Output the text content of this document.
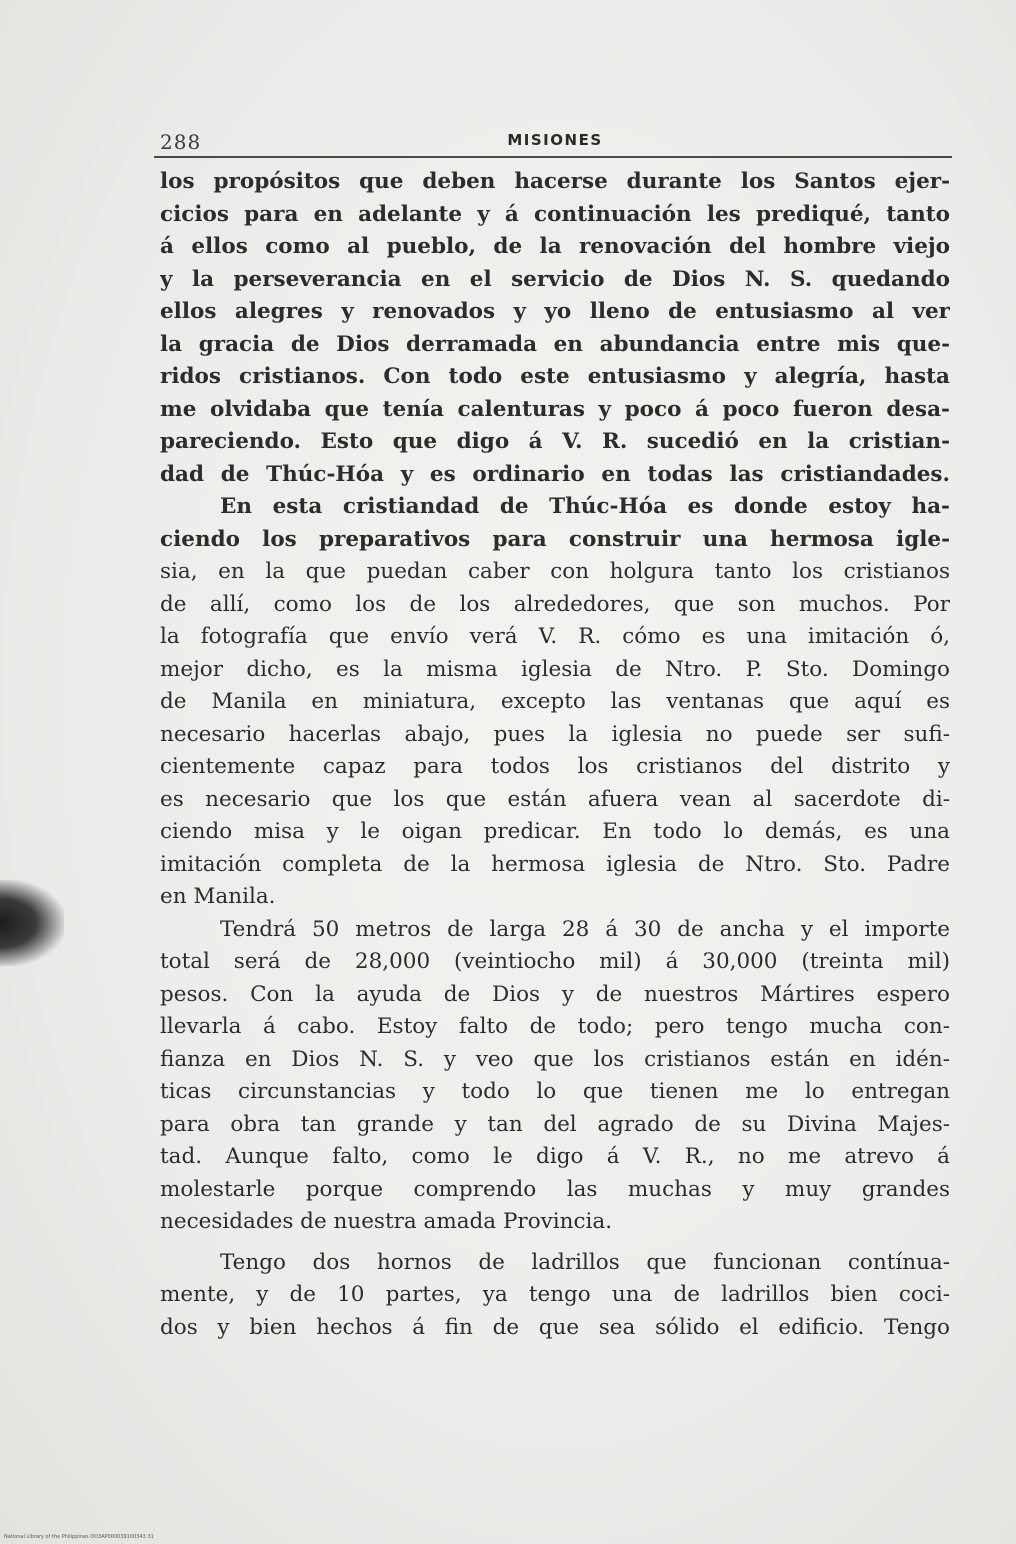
288	MISIONES
los propósitos que deben hacerse durante los Santos ejer-
cicios para en adelante y á continuación les prediqué, tanto
á ellos como al pueblo, de la renovación del hombre viejo
y la perseverancia en el servicio de Dios N. S. quedando
ellos alegres y renovados y yo lleno de entusiasmo al ver
la gracia de Dios derramada en abundancia entre mis que-
ridos cristianos. Con todo este entusiasmo y alegría, hasta
me olvidaba que tenía calenturas y poco á poco fueron desa-
pareciendo. Esto que digo á V. R. sucedió en la cristian-
dad de Thúc-Hóa y es ordinario en todas las cristiandades.
En esta cristiandad de Thúc-Hóa es donde estoy ha-
ciendo los preparativos para construir una hermosa igle-
sia, en la que puedan caber con holgura tanto los cristianos
de allí, como los de los alrededores, que son muchos. Por
la fotografía que envío verá V. R. cómo es una imitación ó,
mejor dicho, es la misma iglesia de Ntro. P. Sto. Domingo
de Manila en miniatura, excepto las ventanas que aquí es
necesario hacerlas abajo, pues la iglesia no puede ser sufi-
cientemente capaz para todos los cristianos del distrito y
es necesario que los que están afuera vean al sacerdote di-
ciendo misa y le oigan predicar. En todo lo demás, es una
imitación completa de la hermosa iglesia de Ntro. Sto. Padre
en Manila.
Tendrá 50 metros de larga 28 á 30 de ancha y el importe
total será de 28,000 (veintiocho mil) á 30,000 (treinta mil)
pesos. Con la ayuda de Dios y de nuestros Mártires espero
llevarla á cabo. Estoy falto de todo; pero tengo mucha con-
fianza en Dios N. S. y veo que los cristianos están en idén-
ticas circunstancias y todo lo que tienen me lo entregan
para obra tan grande y tan del agrado de su Divina Majes-
tad. Aunque falto, como le digo á V. R., no me atrevo á
molestarle porque comprendo las muchas y muy grandes
necesidades de nuestra amada Provincia.
Tengo dos hornos de ladrillos que funcionan contínua-
mente, y de 10 partes, ya tengo una de ladrillos bien coci-
dos y bien hechos á fin de que sea sólido el edificio. Tengo
National Library of the Philippines DO3AP000039100343 31
